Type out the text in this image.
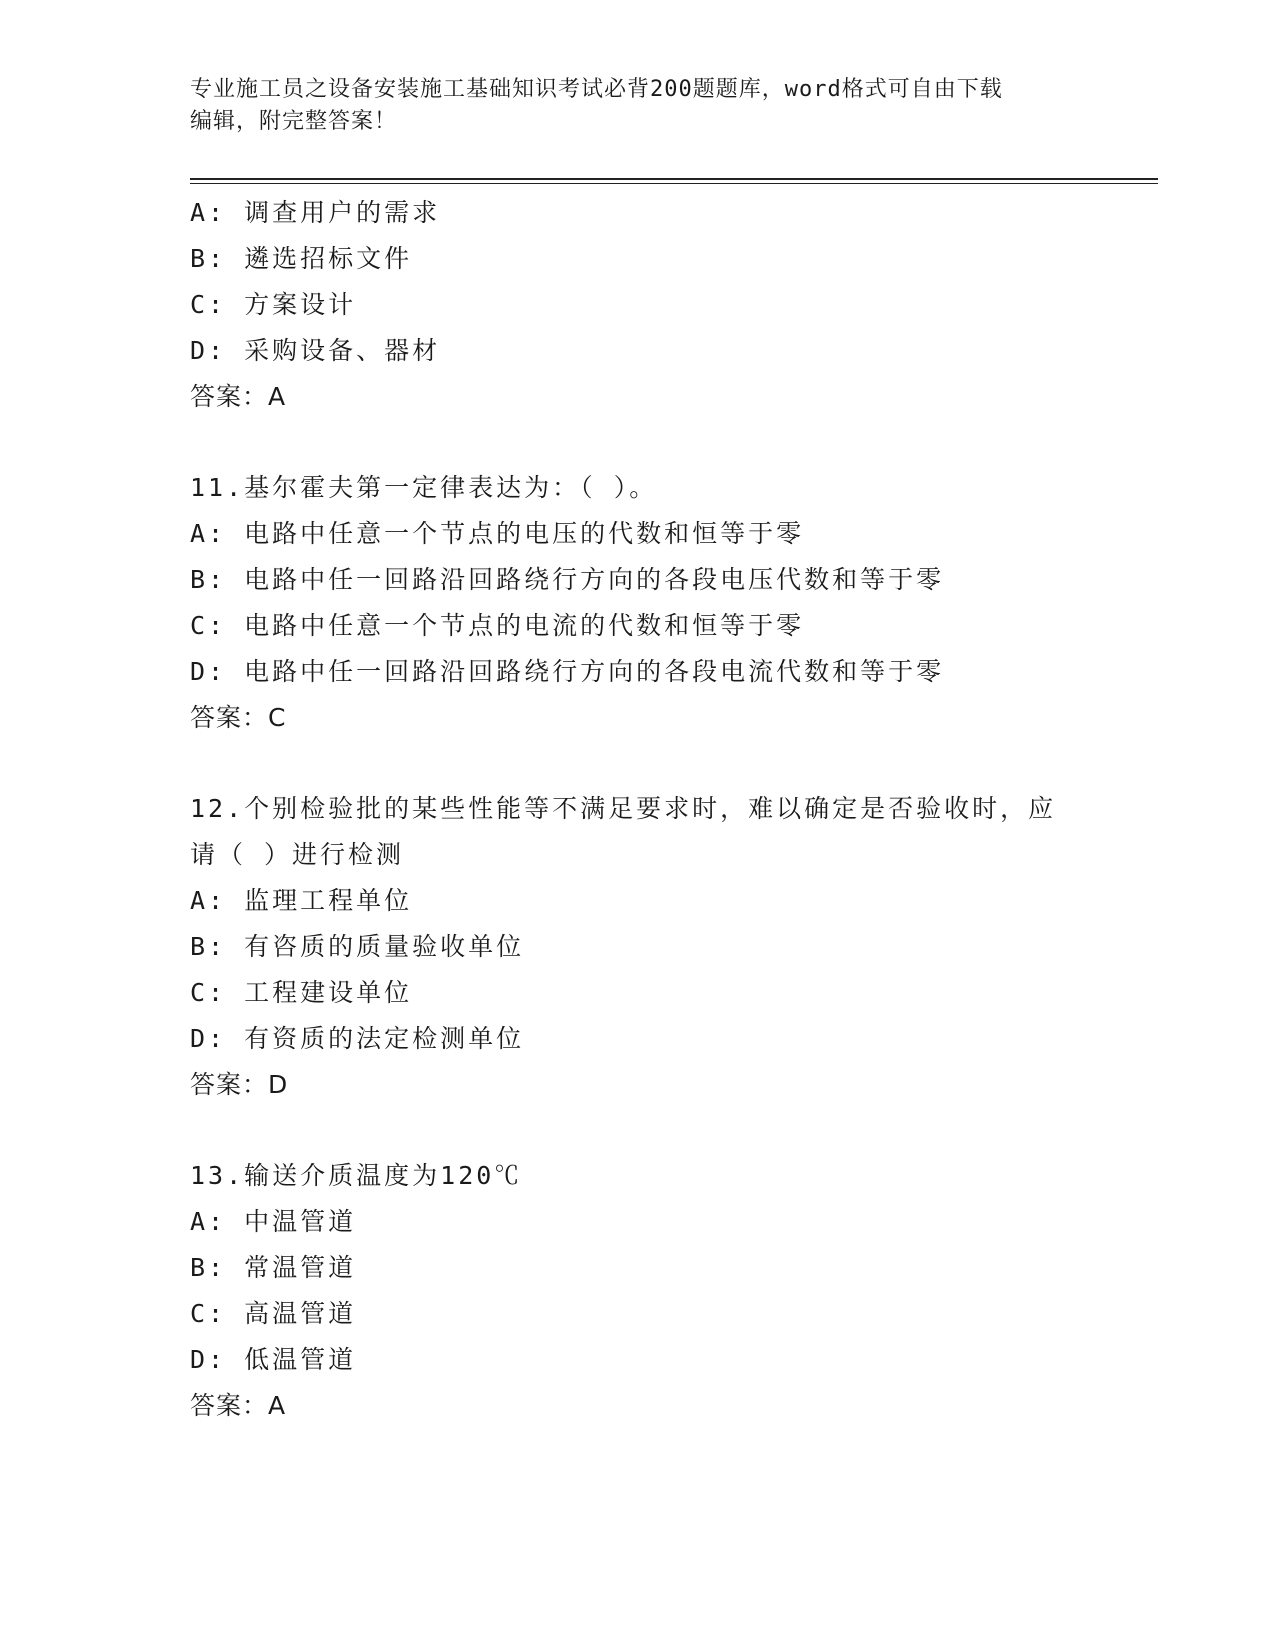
专业施工员之设备安装施工基础知识考试必背200题题库，word格式可自由下载
编辑，附完整答案！
A: 调查用户的需求
B: 遴选招标文件
C: 方案设计
D: 采购设备、器材
答案：A
11.基尔霍夫第一定律表达为：（ ）。
A: 电路中任意一个节点的电压的代数和恒等于零
B: 电路中任一回路沿回路绕行方向的各段电压代数和等于零
C: 电路中任意一个节点的电流的代数和恒等于零
D: 电路中任一回路沿回路绕行方向的各段电流代数和等于零
答案：C
12.个别检验批的某些性能等不满足要求时，难以确定是否验收时，应
请（ ）进行检测
A: 监理工程单位
B: 有咨质的质量验收单位
C: 工程建设单位
D: 有资质的法定检测单位
答案：D
13.输送介质温度为120℃
A: 中温管道
B: 常温管道
C: 高温管道
D: 低温管道
答案：A
